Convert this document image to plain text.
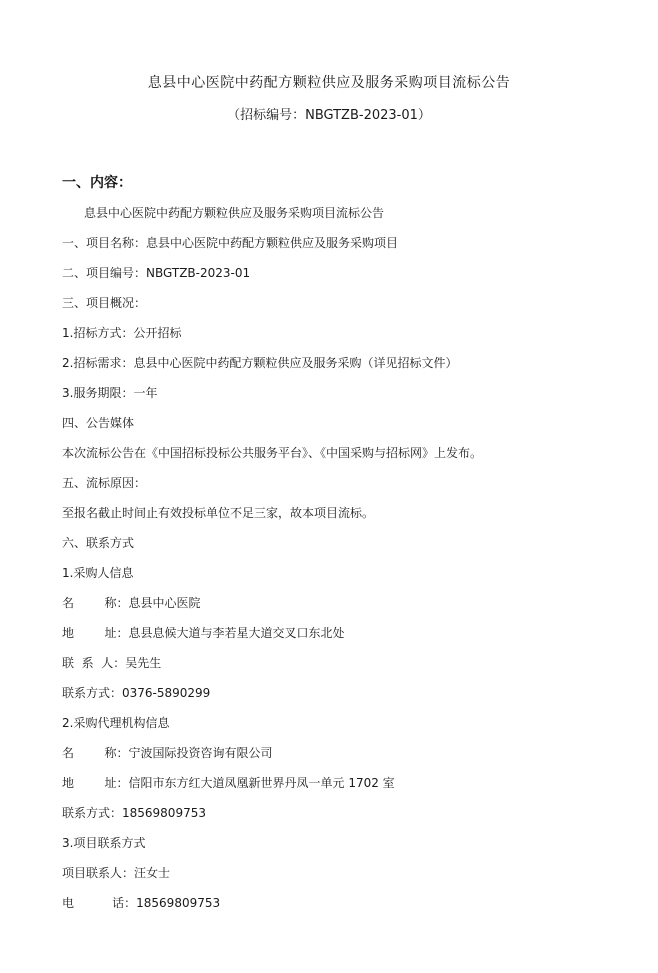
息县中心医院中药配方颗粒供应及服务采购项目流标公告
（招标编号：NBGTZB-2023-01）
一、内容：
息县中心医院中药配方颗粒供应及服务采购项目流标公告
一、项目名称：息县中心医院中药配方颗粒供应及服务采购项目
二、项目编号：NBGTZB-2023-01
三、项目概况：
1.招标方式：公开招标
2.招标需求：息县中心医院中药配方颗粒供应及服务采购（详见招标文件）
3.服务期限：一年
四、公告媒体
本次流标公告在《中国招标投标公共服务平台》、《中国采购与招标网》上发布。
五、流标原因：
至报名截止时间止有效投标单位不足三家，故本项目流标。
六、联系方式
1.采购人信息
名        称：息县中心医院
地        址：息县息候大道与李若星大道交叉口东北处
联  系  人：吴先生
联系方式：0376-5890299
2.采购代理机构信息
名        称：宁波国际投资咨询有限公司
地        址：信阳市东方红大道凤凰新世界丹凤一单元 1702 室
联系方式：18569809753
3.项目联系方式
项目联系人：汪女士
电          话：18569809753
